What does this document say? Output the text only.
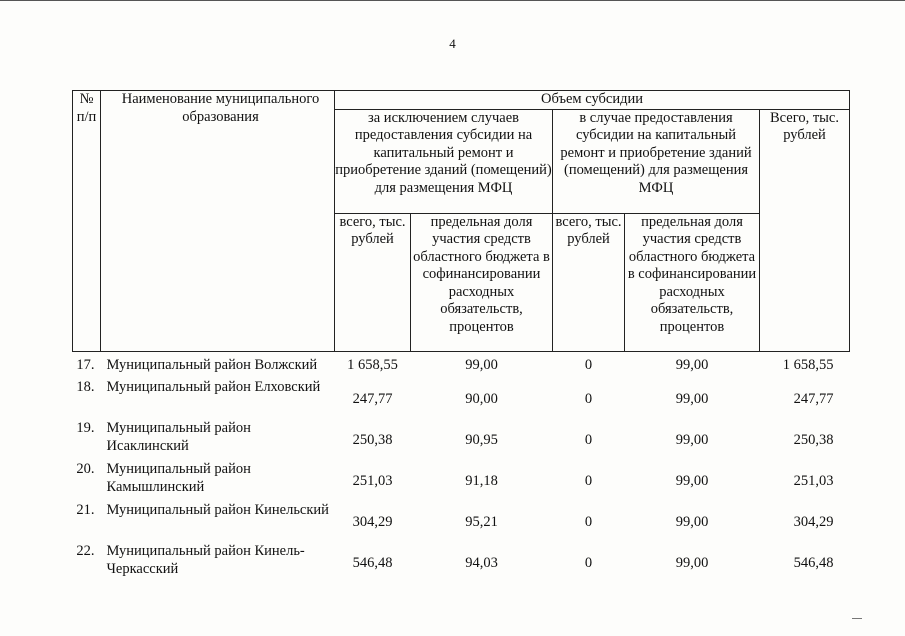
4
№ п/п	Наименование муниципального образования	Объем субсидии				
		за исключением случаев предоставления субсидии на капитальный ремонт и приобретение зданий (помещений) для размещения МФЦ		в случае предоставления субсидии на капитальный ремонт и приобретение зданий (помещений) для размещения МФЦ		Всего, тыс. рублей
		всего, тыс. рублей	предельная доля участия средств областного бюджета в софинансировании расходных обязательств, процентов	всего, тыс. рублей	предельная доля участия средств областного бюджета в софинансировании расходных обязательств, процентов	
17.	Муниципальный район Волжский	1 658,55	99,00	0	99,00	1 658,55
18.	Муниципальный район Елховский	247,77	90,00	0	99,00	247,77
19.	Муниципальный район Исаклинский	250,38	90,95	0	99,00	250,38
20.	Муниципальный район Камышлинский	251,03	91,18	0	99,00	251,03
21.	Муниципальный район Кинельский	304,29	95,21	0	99,00	304,29
22.	Муниципальный район Кинель-Черкасский	546,48	94,03	0	99,00	546,48
